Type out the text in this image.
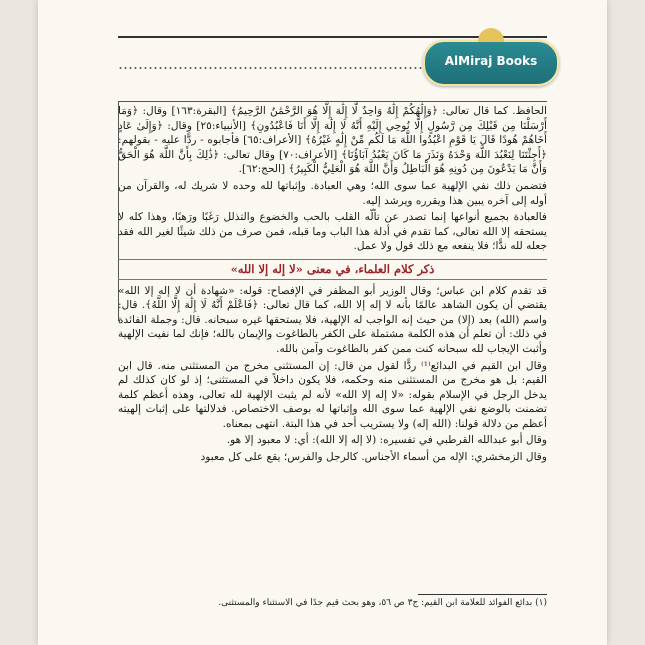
AlMiraj Books

الحافظ. كما قال تعالى: ﴿وَإِلَٰهُكُمْ إِلَٰهٌ وَاحِدٌ لَّا إِلَٰهَ إِلَّا هُوَ الرَّحْمَٰنُ الرَّحِيمُ﴾ [البقرة:١٦٣] وقال: ﴿وَمَا أَرْسَلْنَا مِن قَبْلِكَ مِن رَّسُولٍ إِلَّا نُوحِي إِلَيْهِ أَنَّهُ لَا إِلَٰهَ إِلَّا أَنَا فَاعْبُدُونِ﴾ [الأنبياء:٢٥] وقال: ﴿وَإِلَىٰ عَادٍ أَخَاهُمْ هُودًا قَالَ يَا قَوْمِ اعْبُدُوا اللَّهَ مَا لَكُم مِّنْ إِلَٰهٍ غَيْرُهُ﴾ [الأعراف:٦٥] فأجابوه - ردًّا عليه - بقولهم: ﴿أَجِئْتَنَا لِنَعْبُدَ اللَّهَ وَحْدَهُ وَنَذَرَ مَا كَانَ يَعْبُدُ آبَاؤُنَا﴾ [الأعراف:٧٠] وقال تعالى: ﴿ذَٰلِكَ بِأَنَّ اللَّهَ هُوَ الْحَقُّ وَأَنَّ مَا يَدْعُونَ مِن دُونِهِ هُوَ الْبَاطِلُ وَأَنَّ اللَّهَ هُوَ الْعَلِيُّ الْكَبِيرُ﴾ [الحج:٦٢].

فتضمن ذلك نفي الإلهية عما سوى الله؛ وهي العبادة. وإثباتها لله وحده لا شريك له، والقرآن من أوله إلى آخره يبين هذا ويقرره ويرشد إليه.

فالعبادة بجميع أنواعها إنما تصدر عن تألّه القلب بالحب والخضوع والتذلل رَغَبًا ورَهبًا، وهذا كله لا يستحقه إلا الله تعالى، كما تقدم في أدلة هذا الباب وما قبله، فمن صرف من ذلك شيئًا لغير الله فقد جعله لله ندًّا؛ فلا ينفعه مع ذلك قول ولا عمل.

ذكر كلام العلماء، في معنى «لا إله إلا الله»

قد تقدم كلام ابن عباس؛ وقال الوزير أبو المظفر في الإفصاح: قوله: «شهادة أن لا إله إلا الله» يقتضي أن يكون الشاهد عالمًا بأنه لا إله إلا الله، كما قال تعالى: ﴿فَاعْلَمْ أَنَّهُ لَا إِلَٰهَ إِلَّا اللَّهُ﴾. قال: واسم (الله) بعد (إلا) من حيث إنه الواجب له الإلهية، فلا يستحقها غيره سبحانه. قال: وجملة الفائدة في ذلك: أن تعلم أن هذه الكلمة مشتملة على الكفر بالطاغوت والإيمان بالله؛ فإنك لما نفيت الإلهية وأثبت الإيجاب لله سبحانه كنت ممن كفر بالطاغوت وآمن بالله.

وقال ابن القيم في البدائع⁽¹⁾ ردًّا لقول من قال: إن المستثنى مخرج من المستثنى منه. قال ابن القيم: بل هو مخرج من المستثنى منه وحكمه، فلا يكون داخلاً في المستثنى؛ إذ لو كان كذلك لم يدخل الرجل في الإسلام بقوله: «لا إله إلا الله» لأنه لم يثبت الإلهية لله تعالى، وهذه أعظم كلمة تضمنت بالوضع نفي الإلهية عما سوى الله وإثباتها له بوصف الاختصاص. فدلالتها على إثبات إلهيته أعظم من دلالة قولنا: (الله إله) ولا يستريب أحد في هذا البتة. انتهى بمعناه.

وقال أبو عبدالله القرطبي في تفسيره: (لا إله إلا الله): أي: لا معبود إلا هو.

وقال الزمخشري: الإله من أسماء الأجناس. كالرجل والفرس؛ يقع على كل معبود

(١) بدائع الفوائد للعلامة ابن القيم: ج٣ ص ٥٦، وهو بحث قيم جدًا في الاستثناء والمستثنى.
